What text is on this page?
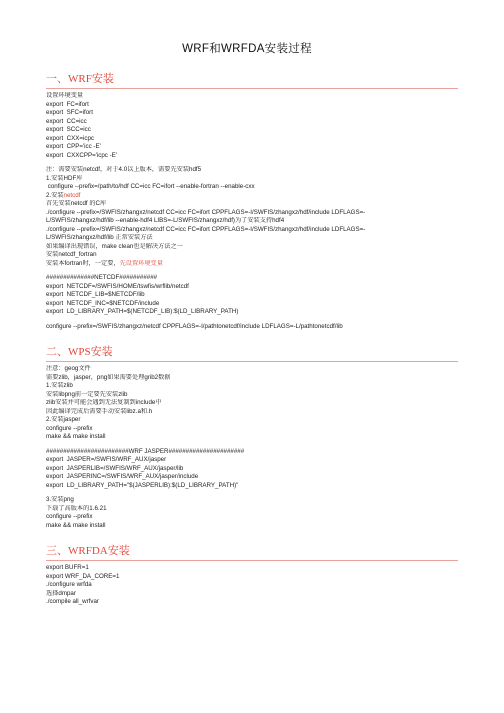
WRF和WRFDA安装过程
一、WRF安装
设置环境变量
export  FC=ifort
export  SFC=ifort
export  CC=icc
export  SCC=icc
export  CXX=icpc
export  CPP='icc -E'
export  CXXCPP='icpc -E'
注：需要安装netcdf，对于4.0以上版本，需要先安装hdf5
1.安装HDF库
configure --prefix=/path/to/hdf CC=icc FC=ifort --enable-fortran --enable-cxx
2.安装netcdf
首先安装netcdf 的C库
./configure --prefix=/SWFIS/zhangxz/netcdf CC=icc FC=ifort CPPFLAGS=-I/SWFIS/zhangxz/hdf/include LDFLAGS=-
L/SWFIS/zhangxz/hdf/lib --enable-hdf4 LIBS=-L/SWFIS/zhangxz/hdf)为了安装支持hdf4
./configure --prefix=/SWFIS/zhangxz/netcdf CC=icc FC=ifort CPPFLAGS=-I/SWFIS/zhangxz/hdf/include LDFLAGS=-
L/SWFIS/zhangxz/hdf/lib 正常安装方法
如果编译出现错误，make clean也是解决方法之一
安装netcdf_fortran
安装本fortran时，一定要，先设置环境变量
##############NETCDF###########
export  NETCDF=/SWFIS/HOME/tswfis/wrflib/netcdf
export  NETCDF_LIB=$NETCDF/lib
export  NETCDF_INC=$NETCDF/include
export  LD_LIBRARY_PATH=$(NETCDF_LIB):$(LD_LIBRARY_PATH)
configure --prefix=/SWFIS/zhangxz/netcdf CPPFLAGS=-I/pathtonetcdf/include LDFLAGS=-L/pathtonetcdf/lib
二、WPS安装
注意：geog文件
需要zlib，jasper，png如果需要处理grib2数据
1.安装zlib
安装libpng前一定要先安装zlib
zlib安装并可能会遇到无法复制到include中
因此编译完成后需要手动安装libz.a和.h
2.安装jasper
configure --prefix
make && make install
########################WRF JASPER######################
export  JASPER=/SWFIS/WRF_AUX/jasper
export  JASPERLIB=/SWFIS/WRF_AUX/jasper/lib
export  JASPERINC=/SWFIS/WRF_AUX/jasper/include
export  LD_LIBRARY_PATH="$(JASPERLIB):$(LD_LIBRARY_PATH)"
3.安装png
下载了高版本的1.6.21
configure --prefix
make && make install
三、WRFDA安装
export BUFR=1
export WRF_DA_CORE=1
./configure wrfda
选择dmpar
./compile all_wrfvar
